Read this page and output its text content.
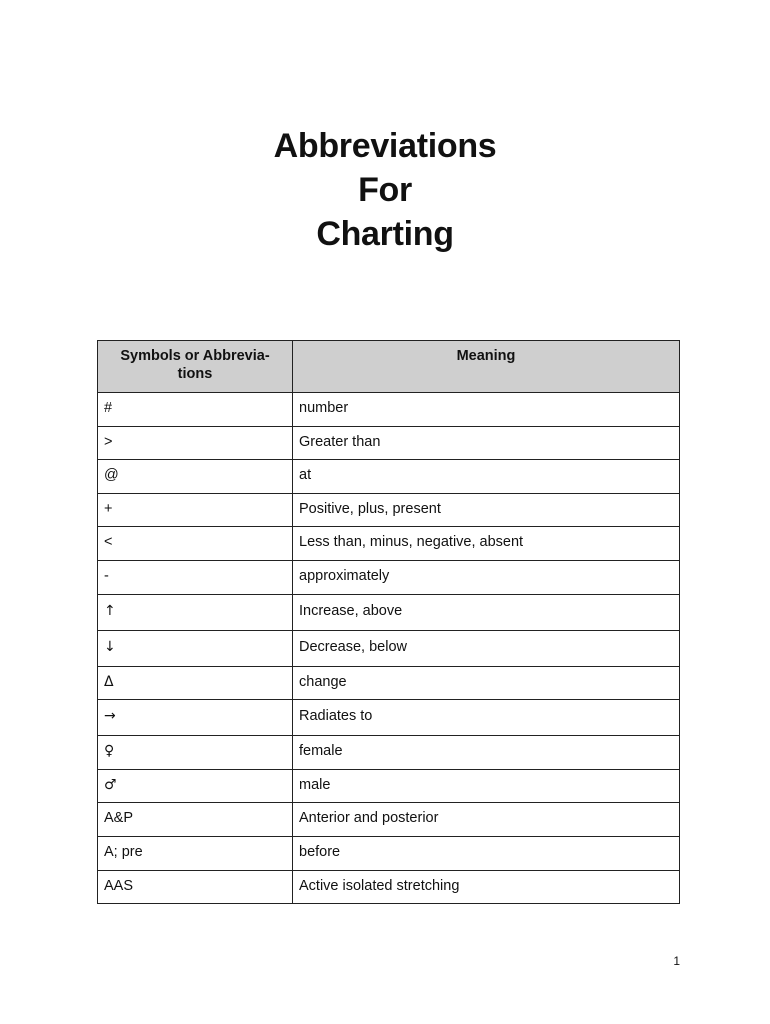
Abbreviations
For
Charting
Symbols or Abbrevia-
tions	Meaning
#	number
>	Greater than
@	at
+	Positive, plus, present
<	Less than, minus, negative, absent
-	approximately
↑	Increase, above
↓	Decrease, below
Δ	change
→	Radiates to
♀	female
♂	male
A&P	Anterior and posterior
A; pre	before
AAS	Active isolated stretching
1
